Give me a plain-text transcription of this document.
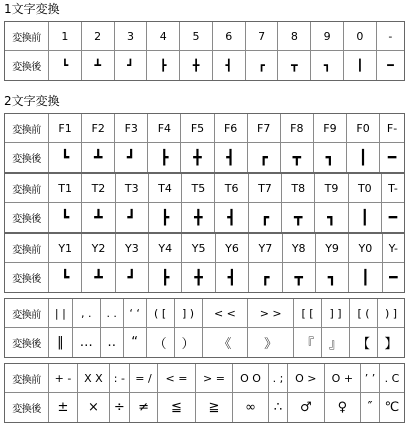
1文字変換
変換前	1	2	3	4	5	6	7	8	9	0	-
変換後	┗	┻	┛	┣	╋	┫	┏	┳	┓	┃	━
2文字変換
変換前	F1	F2	F3	F4	F5	F6	F7	F8	F9	F0	F-
変換後	┗	┻	┛	┣	╋	┫	┏	┳	┓	┃	━
変換前	T1	T2	T3	T4	T5	T6	T7	T8	T9	T0	T-
変換後	┗	┻	┛	┣	╋	┫	┏	┳	┓	┃	━
変換前	Y1	Y2	Y3	Y4	Y5	Y6	Y7	Y8	Y9	Y0	Y-
変換後	┗	┻	┛	┣	╋	┫	┏	┳	┓	┃	━
変換前	| |	, .	. .	‘ ‘	( [	] )	< <	> >	[ [	] ]	[ (	) ]
変換後	‖	…	‥	“	（	）	《	》	『	』	【	】
変換前	+ -	X X	: -	= /	< =	> =	O O	. ;	O >	O +	’ ’	. C
変換後	±	×	÷	≠	≦	≧	∞	∴	♂	♀	″	℃
